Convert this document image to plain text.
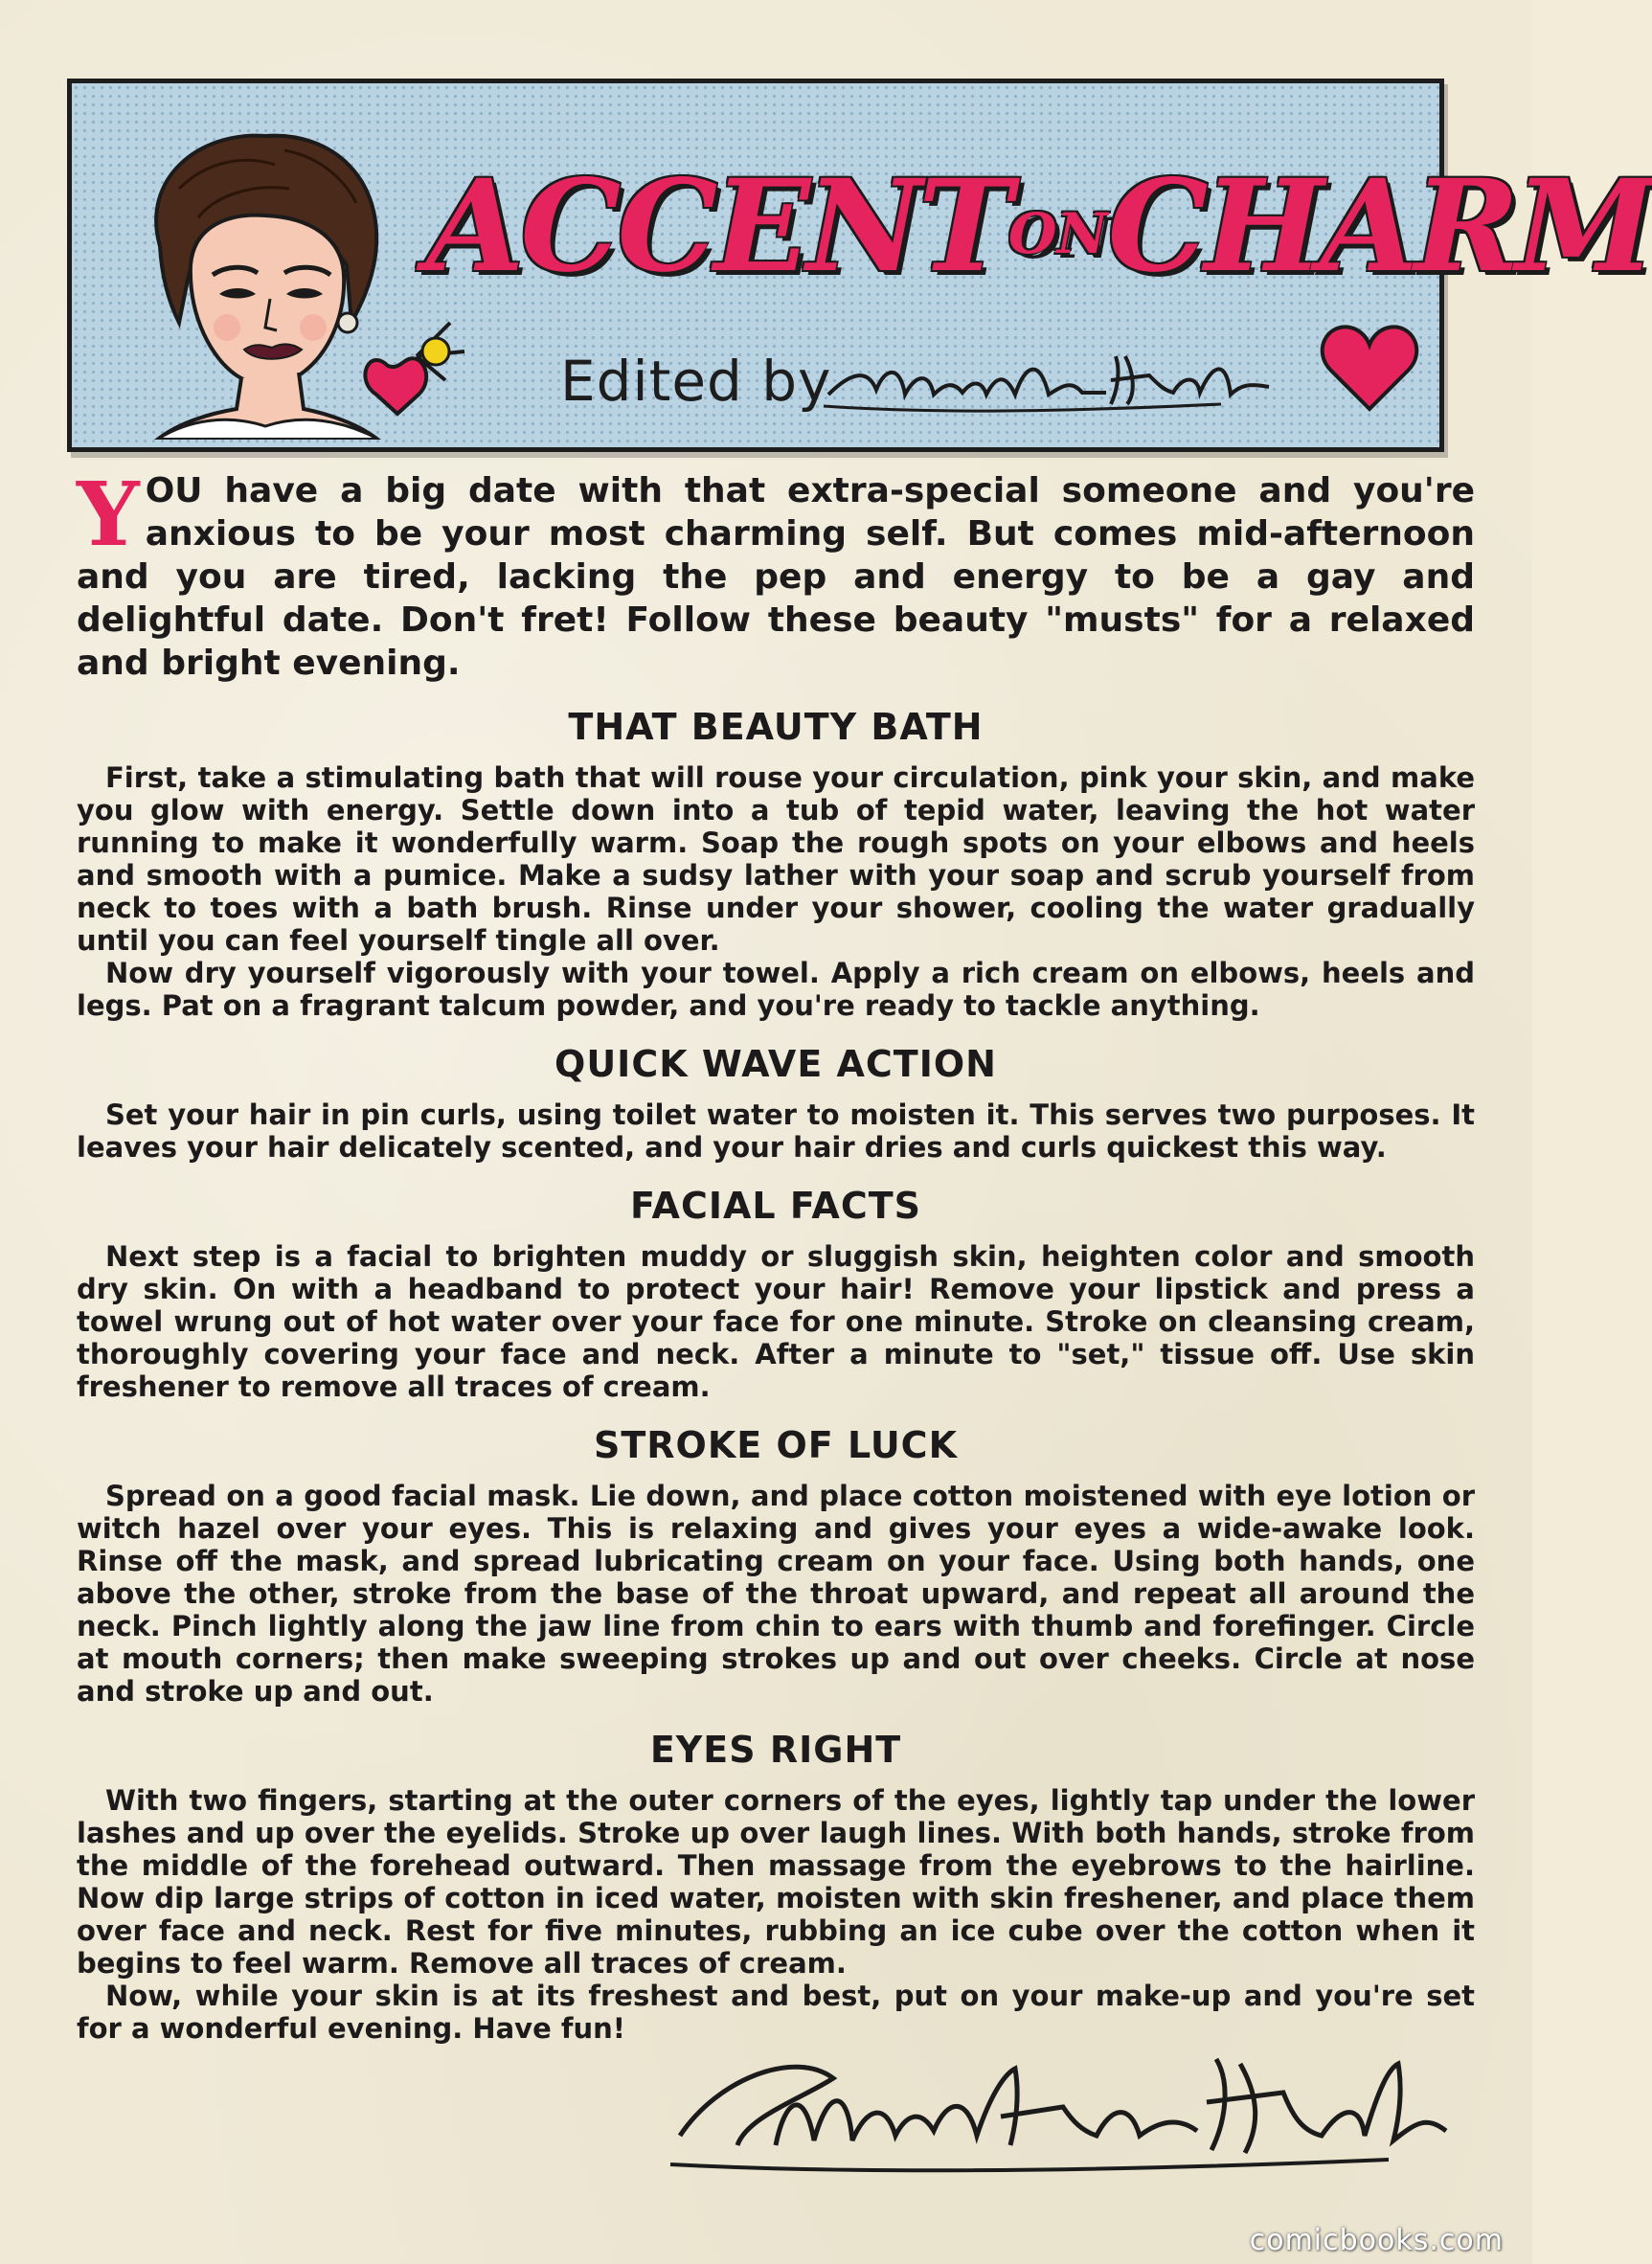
ACCENTONCHARM
Edited by

YOU have a big date with that extra-special someone and you're anxious to be your most charming self. But comes mid-afternoon and you are tired, lacking the pep and energy to be a gay and delightful date. Don't fret! Follow these beauty "musts" for a relaxed and bright evening.

THAT BEAUTY BATH

First, take a stimulating bath that will rouse your circulation, pink your skin, and make you glow with energy. Settle down into a tub of tepid water, leaving the hot water running to make it wonderfully warm. Soap the rough spots on your elbows and heels and smooth with a pumice. Make a sudsy lather with your soap and scrub yourself from neck to toes with a bath brush. Rinse under your shower, cooling the water gradually until you can feel yourself tingle all over.

Now dry yourself vigorously with your towel. Apply a rich cream on elbows, heels and legs. Pat on a fragrant talcum powder, and you're ready to tackle anything.

QUICK WAVE ACTION

Set your hair in pin curls, using toilet water to moisten it. This serves two purposes. It leaves your hair delicately scented, and your hair dries and curls quickest this way.

FACIAL FACTS

Next step is a facial to brighten muddy or sluggish skin, heighten color and smooth dry skin. On with a headband to protect your hair! Remove your lipstick and press a towel wrung out of hot water over your face for one minute. Stroke on cleansing cream, thoroughly covering your face and neck. After a minute to "set," tissue off. Use skin freshener to remove all traces of cream.

STROKE OF LUCK

Spread on a good facial mask. Lie down, and place cotton moistened with eye lotion or witch hazel over your eyes. This is relaxing and gives your eyes a wide-awake look. Rinse off the mask, and spread lubricating cream on your face. Using both hands, one above the other, stroke from the base of the throat upward, and repeat all around the neck. Pinch lightly along the jaw line from chin to ears with thumb and forefinger. Circle at mouth corners; then make sweeping strokes up and out over cheeks. Circle at nose and stroke up and out.

EYES RIGHT

With two fingers, starting at the outer corners of the eyes, lightly tap under the lower lashes and up over the eyelids. Stroke up over laugh lines. With both hands, stroke from the middle of the forehead outward. Then massage from the eyebrows to the hairline. Now dip large strips of cotton in iced water, moisten with skin freshener, and place them over face and neck. Rest for five minutes, rubbing an ice cube over the cotton when it begins to feel warm. Remove all traces of cream.

Now, while your skin is at its freshest and best, put on your make-up and you're set for a wonderful evening. Have fun!

comicbooks.com
